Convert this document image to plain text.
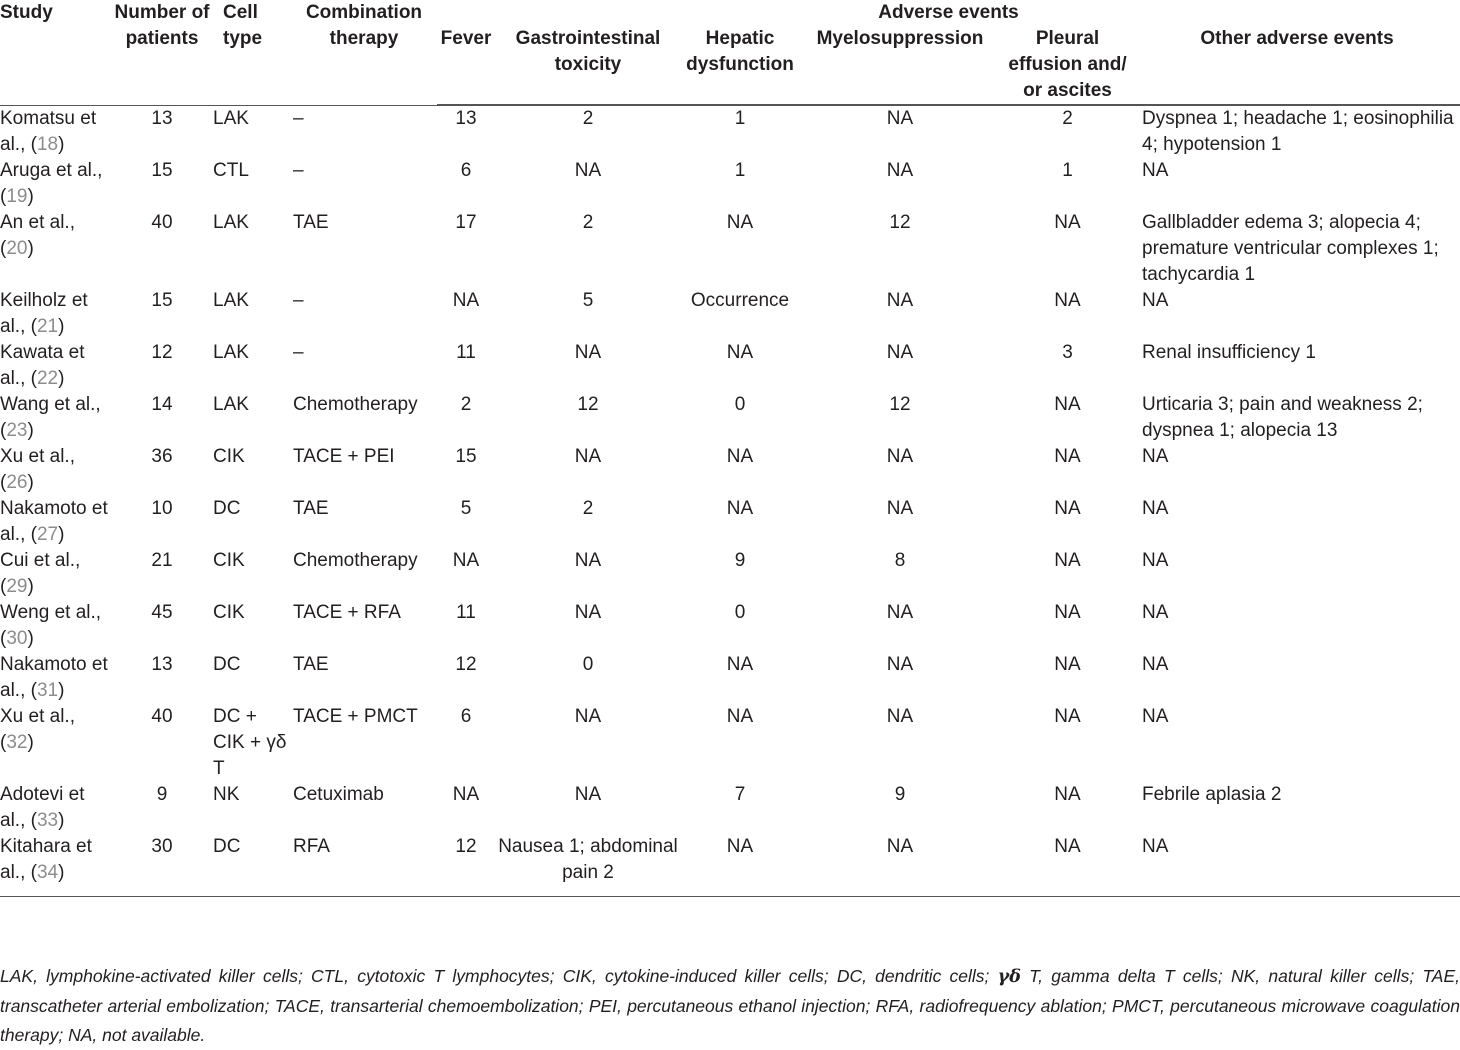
Study	Number of patients	Cell type	Combination therapy	Adverse events					
				Fever	Gastrointestinal toxicity	Hepatic dysfunction	Myelosuppression	Pleural effusion and/ or ascites	Other adverse events

Komatsu et al., (18)	13	LAK	–	13	2	1	NA	2	Dyspnea 1; headache 1; eosinophilia 4; hypotension 1
Aruga et al., (19)	15	CTL	–	6	NA	1	NA	1	NA
An et al., (20)	40	LAK	TAE	17	2	NA	12	NA	Gallbladder edema 3; alopecia 4; premature ventricular complexes 1; tachycardia 1
Keilholz et al., (21)	15	LAK	–	NA	5	Occurrence	NA	NA	NA
Kawata et al., (22)	12	LAK	–	11	NA	NA	NA	3	Renal insufficiency 1
Wang et al., (23)	14	LAK	Chemotherapy	2	12	0	12	NA	Urticaria 3; pain and weakness 2; dyspnea 1; alopecia 13
Xu et al., (26)	36	CIK	TACE + PEI	15	NA	NA	NA	NA	NA
Nakamoto et al., (27)	10	DC	TAE	5	2	NA	NA	NA	NA
Cui et al., (29)	21	CIK	Chemotherapy	NA	NA	9	8	NA	NA
Weng et al., (30)	45	CIK	TACE + RFA	11	NA	0	NA	NA	NA
Nakamoto et al., (31)	13	DC	TAE	12	0	NA	NA	NA	NA
Xu et al., (32)	40	DC + CIK + γδ T	TACE + PMCT	6	NA	NA	NA	NA	NA
Adotevi et al., (33)	9	NK	Cetuximab	NA	NA	7	9	NA	Febrile aplasia 2
Kitahara et al., (34)	30	DC	RFA	12	Nausea 1; abdominal pain 2	NA	NA	NA	NA
LAK, lymphokine-activated killer cells; CTL, cytotoxic T lymphocytes; CIK, cytokine-induced killer cells; DC, dendritic cells; γδ T, gamma delta T cells; NK, natural killer cells; TAE, transcatheter arterial embolization; TACE, transarterial chemoembolization; PEI, percutaneous ethanol injection; RFA, radiofrequency ablation; PMCT, percutaneous microwave coagulation therapy; NA, not available.
